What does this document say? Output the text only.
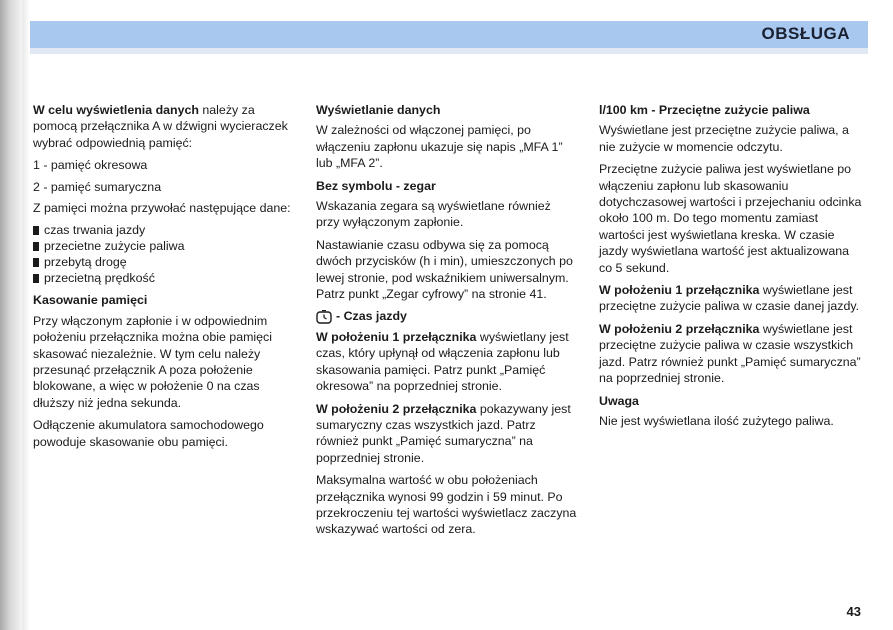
OBSŁUGA

W celu wyświetlenia danych należy za pomocą przełącznika A w dźwigni wycieraczek wybrać odpowiednią pamięć:

1 - pamięć okresowa

2 - pamięć sumaryczna

Z pamięci można przywołać następujące dane:

czas trwania jazdy
przecietne zużycie paliwa
przebytą drogę
przecietną prędkość

Kasowanie pamięci

Przy włączonym zapłonie i w odpowiednim położeniu przełącznika można obie pamięci skasować niezależnie. W tym celu należy przesunąć przełącznik A poza położenie blokowane, a więc w położenie 0 na czas dłuższy niż jedna sekunda.

Odłączenie akumulatora samochodowego powoduje skasowanie obu pamięci.

Wyświetlanie danych

W zależności od włączonej pamięci, po włączeniu zapłonu ukazuje się napis „MFA 1” lub „MFA 2”.

Bez symbolu - zegar

Wskazania zegara są wyświetlane również przy wyłączonym zapłonie.

Nastawianie czasu odbywa się za pomocą dwóch przycisków (h i min), umieszczonych po lewej stronie, pod wskaźnikiem uniwersalnym. Patrz punkt „Zegar cyfrowy” na stronie 41.

- Czas jazdy

W położeniu 1 przełącznika wyświetlany jest czas, który upłynął od włączenia zapłonu lub skasowania pamięci. Patrz punkt „Pamięć okresowa” na poprzedniej stronie.

W położeniu 2 przełącznika pokazywany jest sumaryczny czas wszystkich jazd. Patrz również punkt „Pamięć sumaryczna” na poprzedniej stronie.

Maksymalna wartość w obu położeniach przełącznika wynosi 99 godzin i 59 minut. Po przekroczeniu tej wartości wyświetlacz zaczyna wskazywać wartości od zera.

l/100 km - Przeciętne zużycie paliwa

Wyświetlane jest przeciętne zużycie paliwa, a nie zużycie w momencie odczytu.

Przeciętne zużycie paliwa jest wyświetlane po włączeniu zapłonu lub skasowaniu dotychczasowej wartości i przejechaniu odcinka około 100 m. Do tego momentu zamiast wartości jest wyświetlana kreska. W czasie jazdy wyświetlana wartość jest aktualizowana co 5 sekund.

W położeniu 1 przełącznika wyświetlane jest przeciętne zużycie paliwa w czasie danej jazdy.

W położeniu 2 przełącznika wyświetlane jest przeciętne zużycie paliwa w czasie wszystkich jazd. Patrz również punkt „Pamięć sumaryczna” na poprzedniej stronie.

Uwaga

Nie jest wyświetlana ilość zużytego paliwa.

43
